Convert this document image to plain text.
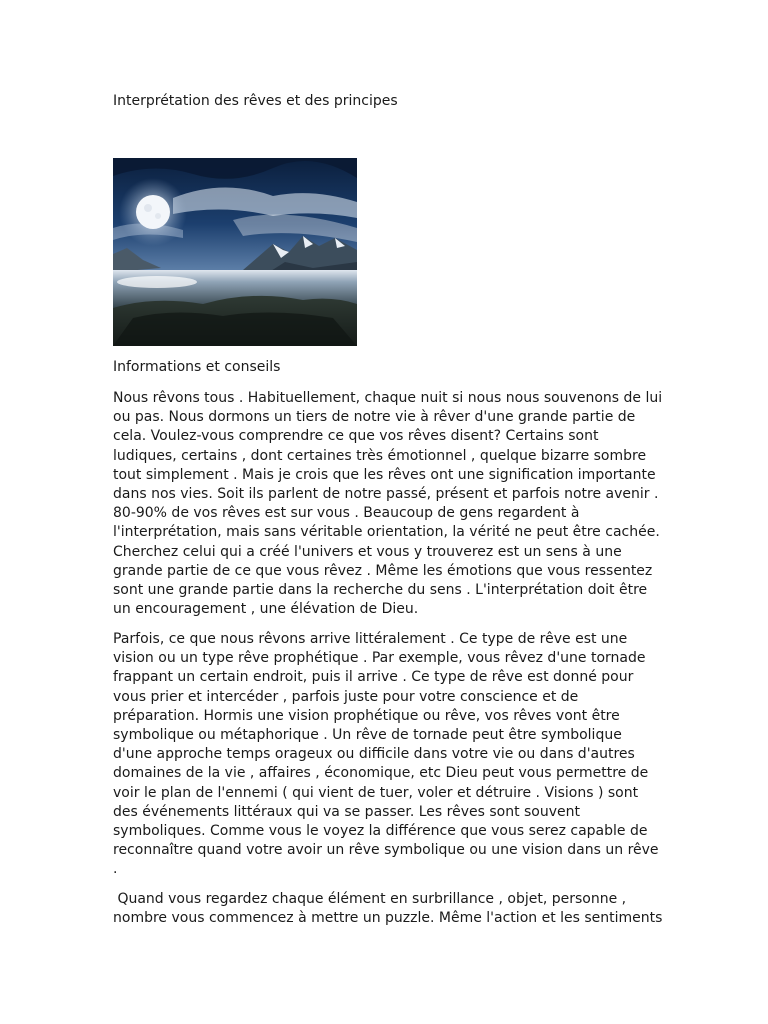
Interprétation des rêves et des principes
Informations et conseils

Nous rêvons tous . Habituellement, chaque nuit si nous nous souvenons de lui
ou pas. Nous dormons un tiers de notre vie à rêver d'une grande partie de
cela. Voulez-vous comprendre ce que vos rêves disent? Certains sont
ludiques, certains , dont certaines très émotionnel , quelque bizarre sombre
tout simplement . Mais je crois que les rêves ont une signification importante
dans nos vies. Soit ils parlent de notre passé, présent et parfois notre avenir .
80-90% de vos rêves est sur vous . Beaucoup de gens regardent à
l'interprétation, mais sans véritable orientation, la vérité ne peut être cachée.
Cherchez celui qui a créé l'univers et vous y trouverez est un sens à une
grande partie de ce que vous rêvez . Même les émotions que vous ressentez
sont une grande partie dans la recherche du sens . L'interprétation doit être
un encouragement , une élévation de Dieu.

Parfois, ce que nous rêvons arrive littéralement . Ce type de rêve est une
vision ou un type rêve prophétique . Par exemple, vous rêvez d'une tornade
frappant un certain endroit, puis il arrive . Ce type de rêve est donné pour
vous prier et intercéder , parfois juste pour votre conscience et de
préparation. Hormis une vision prophétique ou rêve, vos rêves vont être
symbolique ou métaphorique . Un rêve de tornade peut être symbolique
d'une approche temps orageux ou difficile dans votre vie ou dans d'autres
domaines de la vie , affaires , économique, etc Dieu peut vous permettre de
voir le plan de l'ennemi ( qui vient de tuer, voler et détruire . Visions ) sont
des événements littéraux qui va se passer. Les rêves sont souvent
symboliques. Comme vous le voyez la différence que vous serez capable de
reconnaître quand votre avoir un rêve symbolique ou une vision dans un rêve
.

Quand vous regardez chaque élément en surbrillance , objet, personne ,
nombre vous commencez à mettre un puzzle. Même l'action et les sentiments
